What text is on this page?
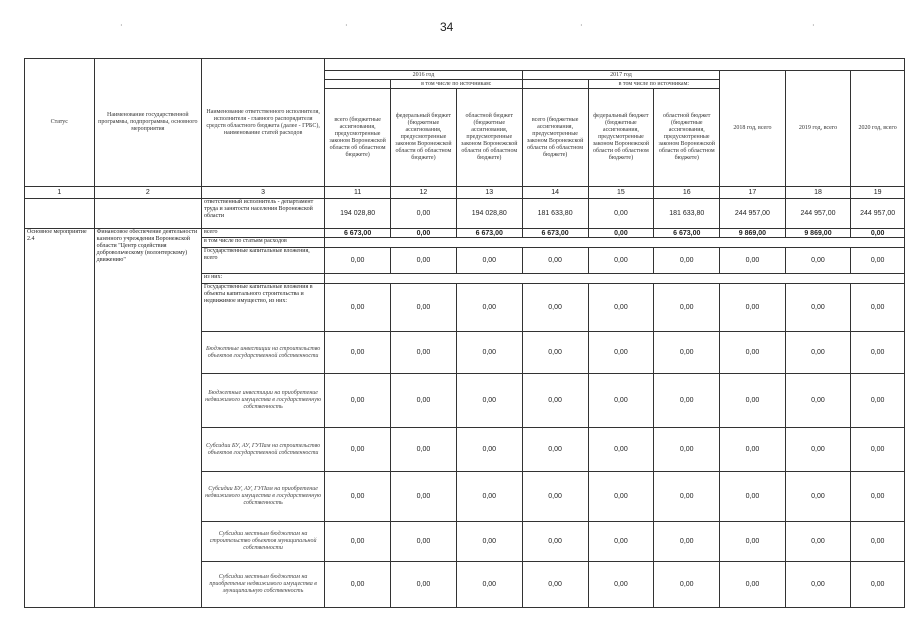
34
·	·	·	·
Статус	Наименование государственной программы, подпрограммы, основного мероприятия	Наименование ответственного исполнителя, исполнителя - главного распорядителя средств областного бюджета (далее - ГРБС), наименование статей расходов									
			2016 год			2017 год			2018 год, всего	2019 год, всего	2020 год, всего
				в том числе по источникам:			в том числе по источникам:				
			всего (бюджетные ассигнования, предусмотренные законом Воронежской области об областном бюджете)	федеральный бюджет (бюджетные ассигнования, предусмотренные законом Воронежской области об областном бюджете)	областной бюджет (бюджетные ассигнования, предусмотренные законом Воронежской области об областном бюджете)	всего (бюджетные ассигнования, предусмотренные законом Воронежской области об областном бюджете)	федеральный бюджет (бюджетные ассигнования, предусмотренные законом Воронежской области об областном бюджете)	областной бюджет (бюджетные ассигнования, предусмотренные законом Воронежской области об областном бюджете)			
1	2	3	11	12	13	14	15	16	17	18	19
		ответственный исполнитель - департамент труда и занятости населения Воронежской области	194 028,80	0,00	194 028,80	181 633,80	0,00	181 633,80	244 957,00	244 957,00	244 957,00
Основное мероприятие 2.4	Финансовое обеспечение деятельности казенного учреждения Воронежской области "Центр содействия добровольческому (волонтерскому) движению"	всего	6 673,00	0,00	6 673,00	6 673,00	0,00	6 673,00	9 869,00	9 869,00	0,00
		в том числе по статьям расходов									
		Государственные капитальные вложения, всего	0,00	0,00	0,00	0,00	0,00	0,00	0,00	0,00	0,00
		из них:									
		Государственные капитальные вложения в объекты капитального строительства и недвижимое имущество, из них:	0,00	0,00	0,00	0,00	0,00	0,00	0,00	0,00	0,00
		Бюджетные инвестиции на строительство объектов государственной собственности	0,00	0,00	0,00	0,00	0,00	0,00	0,00	0,00	0,00
		Бюджетные инвестиции на приобретение недвижимого имущества в государственную собственность	0,00	0,00	0,00	0,00	0,00	0,00	0,00	0,00	0,00
		Субсидии БУ, АУ, ГУПам на строительство объектов государственной собственности	0,00	0,00	0,00	0,00	0,00	0,00	0,00	0,00	0,00
		Субсидии БУ, АУ, ГУПам на приобретение недвижимого имущества в государственную собственность	0,00	0,00	0,00	0,00	0,00	0,00	0,00	0,00	0,00
		Субсидии местным бюджетам на строительство объектов муниципальной собственности	0,00	0,00	0,00	0,00	0,00	0,00	0,00	0,00	0,00
		Субсидии местным бюджетам на приобретение недвижимого имущества в муниципальную собственность	0,00	0,00	0,00	0,00	0,00	0,00	0,00	0,00	0,00
